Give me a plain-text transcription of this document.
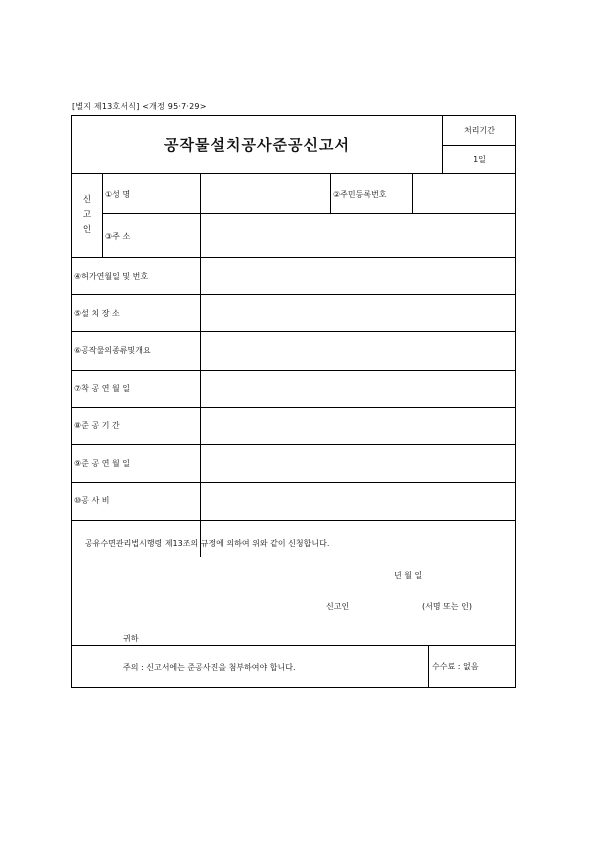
[별지 제13호서식] <개정 95·7·29>
공작물설치공사준공신고서
처리기간
1일
신
고
인
①성 명	②주민등록번호
③주 소
④허가연월일 및 번호
⑤설 치 장 소
⑥공작물의종류및개요
⑦착 공 연 월 일
⑧준 공 기 간
⑨준 공 연 월 일
⑩공 사 비
공유수면관리법시행령 제13조의 규정에 의하여 위와 같이 신청합니다.
년 월 일
신고인	(서명 또는 인)
귀하
주의 : 신고서에는 준공사진을 첨부하여야 합니다.	수수료 : 없음
